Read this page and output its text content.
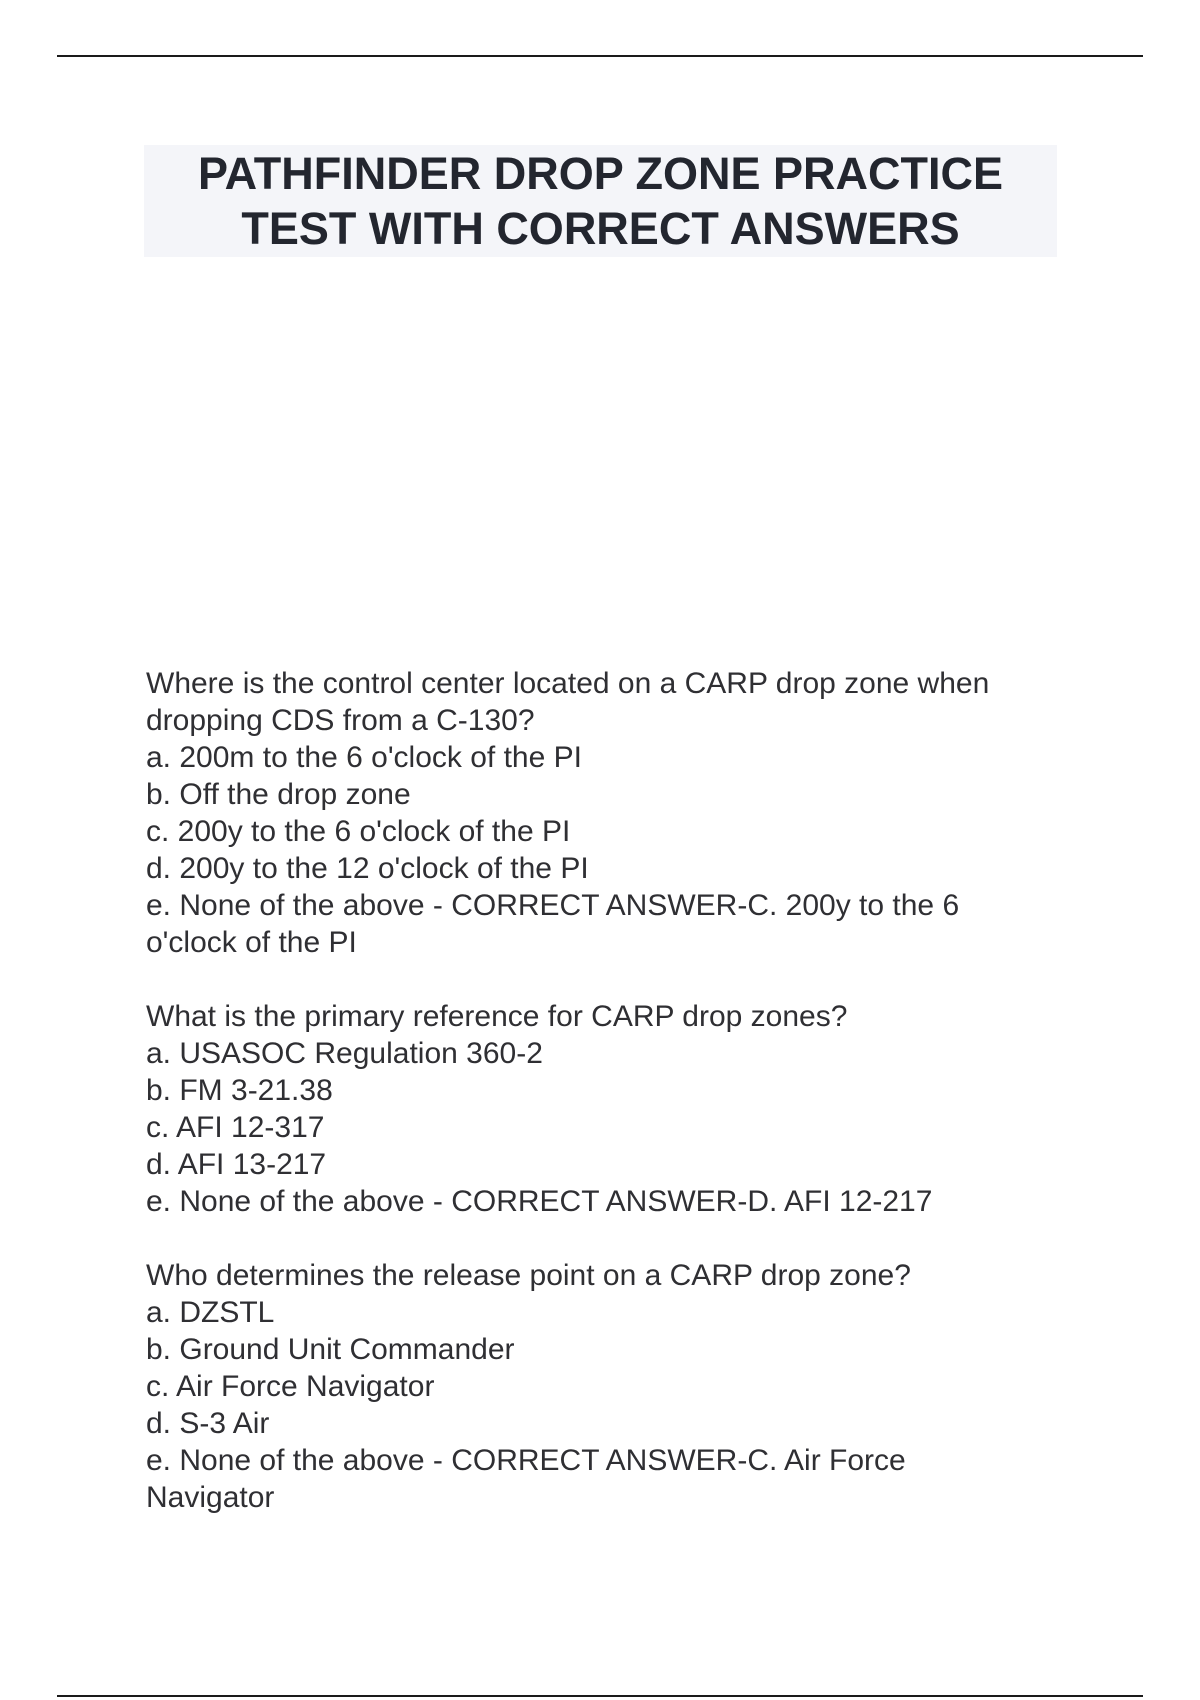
PATHFINDER DROP ZONE PRACTICE
TEST WITH CORRECT ANSWERS
Where is the control center located on a CARP drop zone when
dropping CDS from a C-130?
a. 200m to the 6 o'clock of the PI
b. Off the drop zone
c. 200y to the 6 o'clock of the PI
d. 200y to the 12 o'clock of the PI
e. None of the above - CORRECT ANSWER-C. 200y to the 6
o'clock of the PI
What is the primary reference for CARP drop zones?
a. USASOC Regulation 360-2
b. FM 3-21.38
c. AFI 12-317
d. AFI 13-217
e. None of the above - CORRECT ANSWER-D. AFI 12-217
Who determines the release point on a CARP drop zone?
a. DZSTL
b. Ground Unit Commander
c. Air Force Navigator
d. S-3 Air
e. None of the above - CORRECT ANSWER-C. Air Force
Navigator
